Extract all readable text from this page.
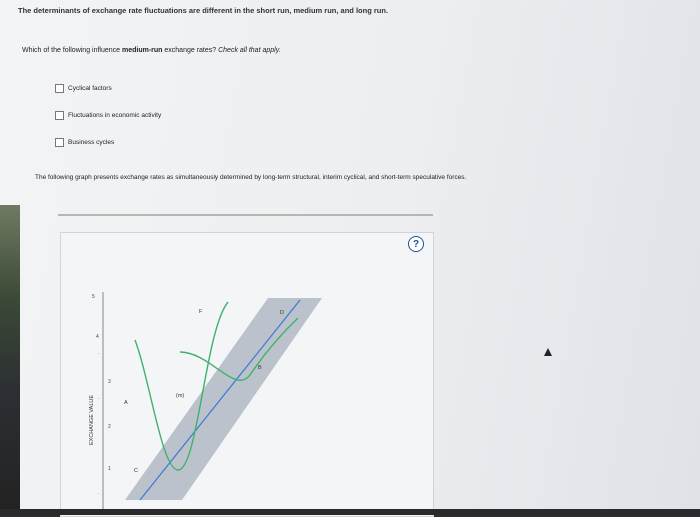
The determinants of exchange rate fluctuations are different in the short run, medium run, and long run.
Which of the following influence medium-run exchange rates? Check all that apply.
Cyclical factors
Fluctuations in economic activity
Business cycles
The following graph presents exchange rates as simultaneously determined by long-term structural, interim cyclical, and short-term speculative forces.
?
EXCHANGE VALUE
5
4
3
2
1
·
·
·
A
C
(m)
B
F	D
